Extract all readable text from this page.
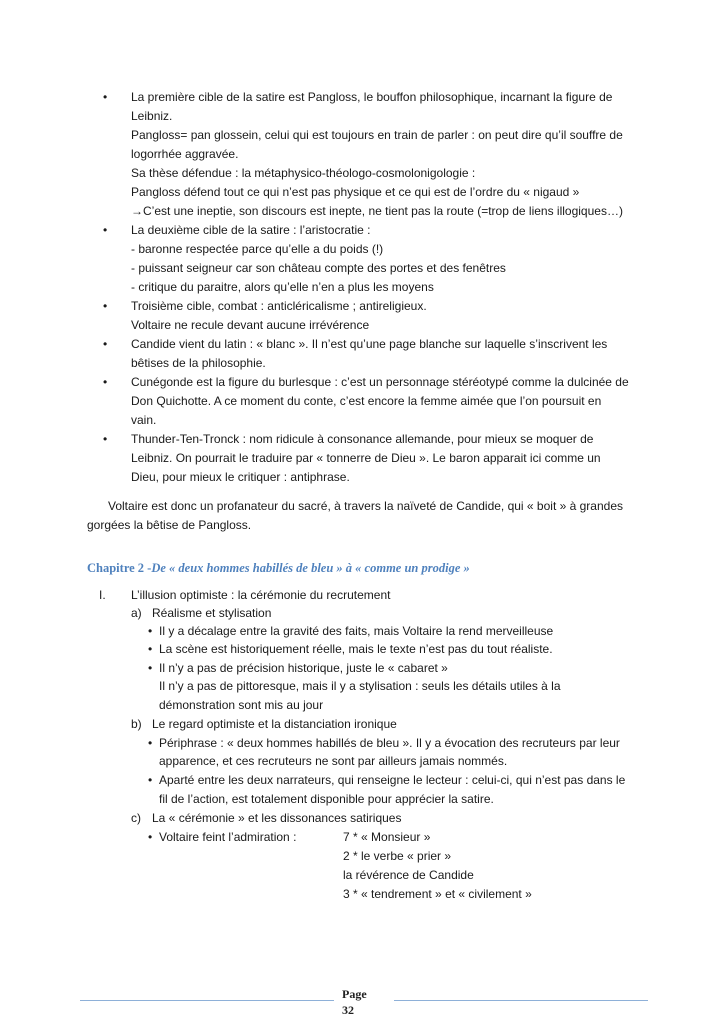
•	La première cible de la satire est Pangloss, le bouffon philosophique, incarnant la figure de
Leibniz.
Pangloss= pan glossein, celui qui est toujours en train de parler : on peut dire qu’il souffre de
logorrhée aggravée.
Sa thèse défendue : la métaphysico-théologo-cosmolonigologie :
Pangloss défend tout ce qui n’est pas physique et ce qui est de l’ordre du « nigaud »
→C’est une ineptie, son discours est inepte, ne tient pas la route (=trop de liens illogiques…)
•	La deuxième cible de la satire : l’aristocratie :
- baronne respectée parce qu’elle a du poids (!)
- puissant seigneur car son château compte des portes et des fenêtres
- critique du paraitre, alors qu’elle n’en a plus les moyens
•	Troisième cible, combat : anticléricalisme ; antireligieux.
Voltaire ne recule devant aucune irrévérence
•	Candide vient du latin : « blanc ». Il n’est qu’une page blanche sur laquelle s’inscrivent les
bêtises de la philosophie.
•	Cunégonde est la figure du burlesque : c’est un personnage stéréotypé comme la dulcinée de
Don Quichotte. A ce moment du conte, c’est encore la femme aimée que l’on poursuit en
vain.
•	Thunder-Ten-Tronck : nom ridicule à consonance allemande, pour mieux se moquer de
Leibniz. On pourrait le traduire par « tonnerre de Dieu ». Le baron apparait ici comme un
Dieu, pour mieux le critiquer : antiphrase.
Voltaire est donc un profanateur du sacré, à travers la naïveté de Candide, qui « boit » à grandes
gorgées la bêtise de Pangloss.
Chapitre 2 -De « deux hommes habillés de bleu » à « comme un prodige »
I. L’illusion optimiste : la cérémonie du recrutement
a) Réalisme et stylisation
• Il y a décalage entre la gravité des faits, mais Voltaire la rend merveilleuse
• La scène est historiquement réelle, mais le texte n’est pas du tout réaliste.
• Il n’y a pas de précision historique, juste le « cabaret »
Il n’y a pas de pittoresque, mais il y a stylisation : seuls les détails utiles à la
démonstration sont mis au jour
b) Le regard optimiste et la distanciation ironique
• Périphrase : « deux hommes habillés de bleu ». Il y a évocation des recruteurs par leur
apparence, et ces recruteurs ne sont par ailleurs jamais nommés.
• Aparté entre les deux narrateurs, qui renseigne le lecteur : celui-ci, qui n’est pas dans le
fil de l’action, est totalement disponible pour apprécier la satire.
c) La « cérémonie » et les dissonances satiriques
• Voltaire feint l’admiration :	7 * « Monsieur »
2 * le verbe « prier »
la révérence de Candide
3 * « tendrement » et « civilement »
Page
32
